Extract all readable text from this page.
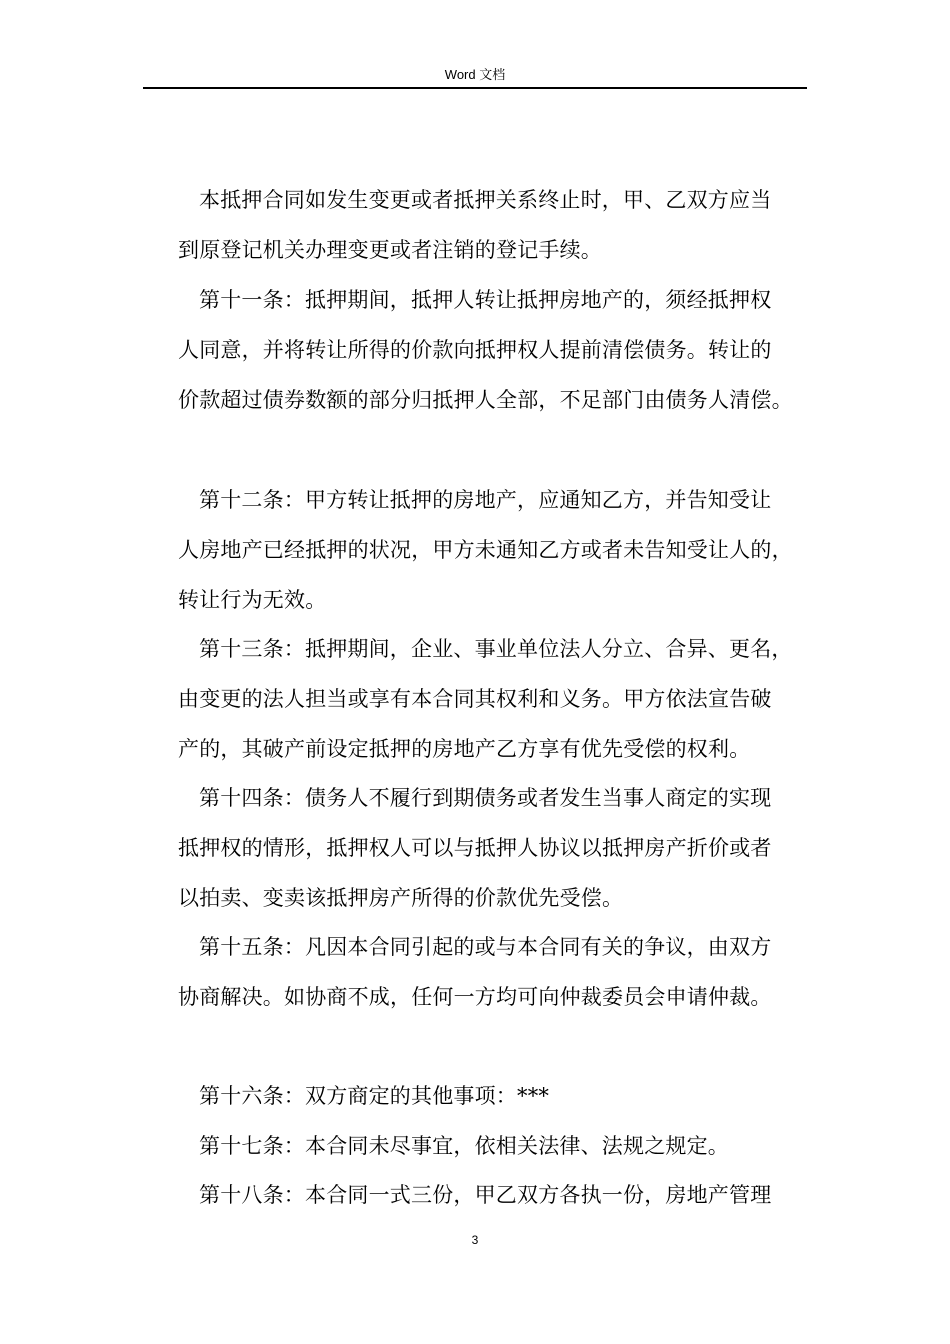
Word 文档
本抵押合同如发生变更或者抵押关系终止时，甲、乙双方应当
到原登记机关办理变更或者注销的登记手续。
第十一条：抵押期间，抵押人转让抵押房地产的，须经抵押权
人同意，并将转让所得的价款向抵押权人提前清偿债务。转让的
价款超过债券数额的部分归抵押人全部，不足部门由债务人清偿。
第十二条：甲方转让抵押的房地产，应通知乙方，并告知受让
人房地产已经抵押的状况，甲方未通知乙方或者未告知受让人的，
转让行为无效。
第十三条：抵押期间，企业、事业单位法人分立、合异、更名，
由变更的法人担当或享有本合同其权利和义务。甲方依法宣告破
产的，其破产前设定抵押的房地产乙方享有优先受偿的权利。
第十四条：债务人不履行到期债务或者发生当事人商定的实现
抵押权的情形，抵押权人可以与抵押人协议以抵押房产折价或者
以拍卖、变卖该抵押房产所得的价款优先受偿。
第十五条：凡因本合同引起的或与本合同有关的争议，由双方
协商解决。如协商不成，任何一方均可向仲裁委员会申请仲裁。
第十六条：双方商定的其他事项：***
第十七条：本合同未尽事宜，依相关法律、法规之规定。
第十八条：本合同一式三份，甲乙双方各执一份，房地产管理
3
